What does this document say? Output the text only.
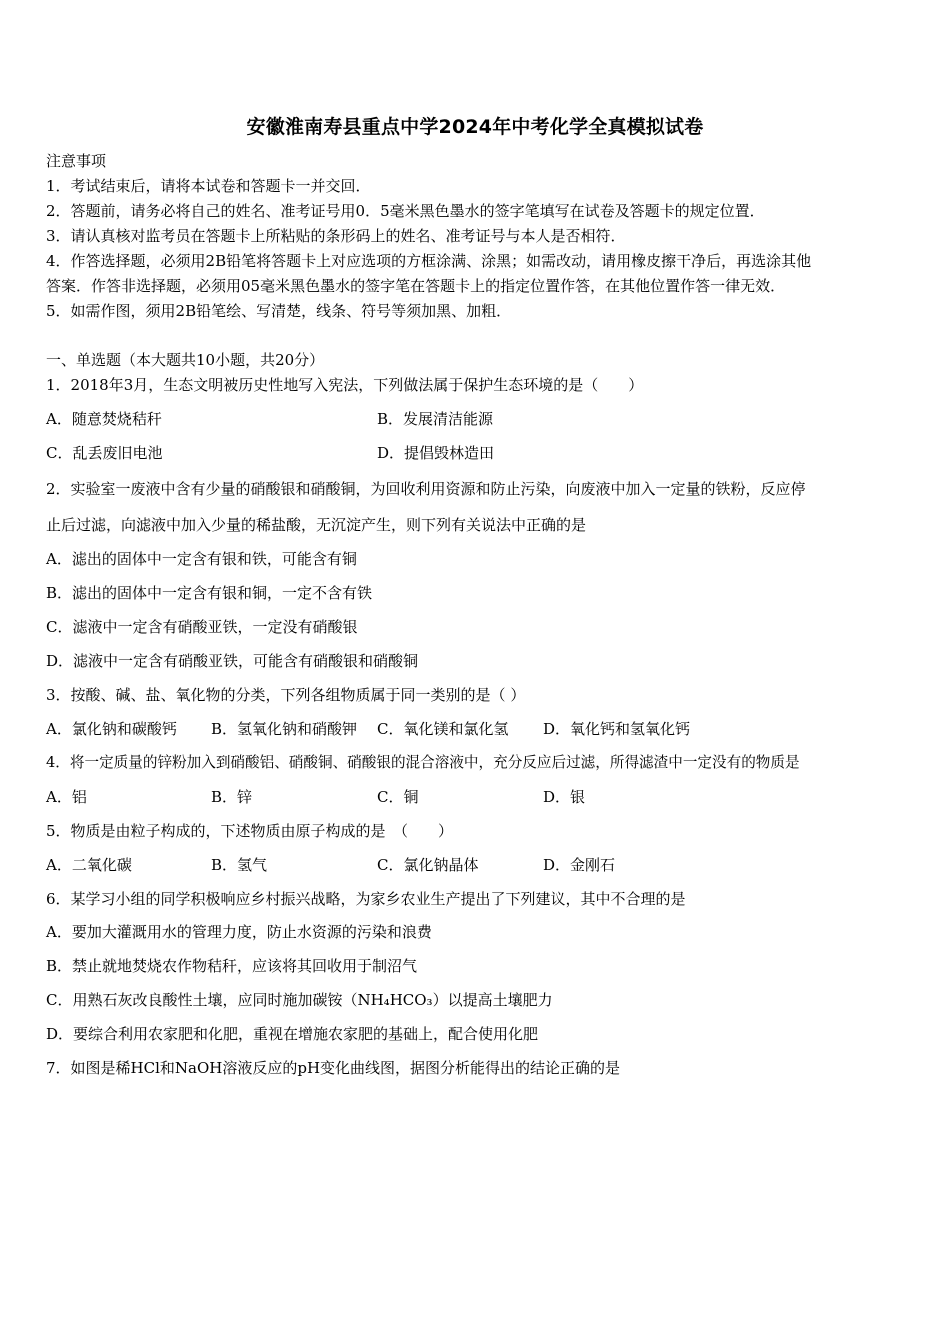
安徽淮南寿县重点中学2024年中考化学全真模拟试卷
注意事项
1．考试结束后，请将本试卷和答题卡一并交回．
2．答题前，请务必将自己的姓名、准考证号用0．5毫米黑色墨水的签字笔填写在试卷及答题卡的规定位置．
3．请认真核对监考员在答题卡上所粘贴的条形码上的姓名、准考证号与本人是否相符．
4．作答选择题，必须用2B铅笔将答题卡上对应选项的方框涂满、涂黑；如需改动，请用橡皮擦干净后，再选涂其他
答案．作答非选择题，必须用05毫米黑色墨水的签字笔在答题卡上的指定位置作答，在其他位置作答一律无效．
5．如需作图，须用2B铅笔绘、写清楚，线条、符号等须加黑、加粗．
一、单选题（本大题共10小题，共20分）
1．2018年3月，生态文明被历史性地写入宪法，下列做法属于保护生态环境的是（　　）
A．随意焚烧秸秆	B．发展清洁能源
C．乱丢废旧电池	D．提倡毁林造田
2．实验室一废液中含有少量的硝酸银和硝酸铜，为回收利用资源和防止污染，向废液中加入一定量的铁粉，反应停
止后过滤，向滤液中加入少量的稀盐酸，无沉淀产生，则下列有关说法中正确的是
A．滤出的固体中一定含有银和铁，可能含有铜
B．滤出的固体中一定含有银和铜，一定不含有铁
C．滤液中一定含有硝酸亚铁，一定没有硝酸银
D．滤液中一定含有硝酸亚铁，可能含有硝酸银和硝酸铜
3．按酸、碱、盐、氧化物的分类，下列各组物质属于同一类别的是（ ）
A．氯化钠和碳酸钙 B．氢氧化钠和硝酸钾 C．氧化镁和氯化氢 D．氧化钙和氢氧化钙
4．将一定质量的锌粉加入到硝酸铝、硝酸铜、硝酸银的混合溶液中，充分反应后过滤，所得滤渣中一定没有的物质是
A．铝	B．锌	C．铜	D．银
5．物质是由粒子构成的，下述物质由原子构成的是　（　　）
A．二氧化碳	B．氢气	C．氯化钠晶体	D．金刚石
6．某学习小组的同学积极响应乡村振兴战略，为家乡农业生产提出了下列建议，其中不合理的是
A．要加大灌溉用水的管理力度，防止水资源的污染和浪费
B．禁止就地焚烧农作物秸秆，应该将其回收用于制沼气
C．用熟石灰改良酸性土壤，应同时施加碳铵（NH₄HCO₃）以提高土壤肥力
D．要综合利用农家肥和化肥，重视在增施农家肥的基础上，配合使用化肥
7．如图是稀HCl和NaOH溶液反应的pH变化曲线图，据图分析能得出的结论正确的是
